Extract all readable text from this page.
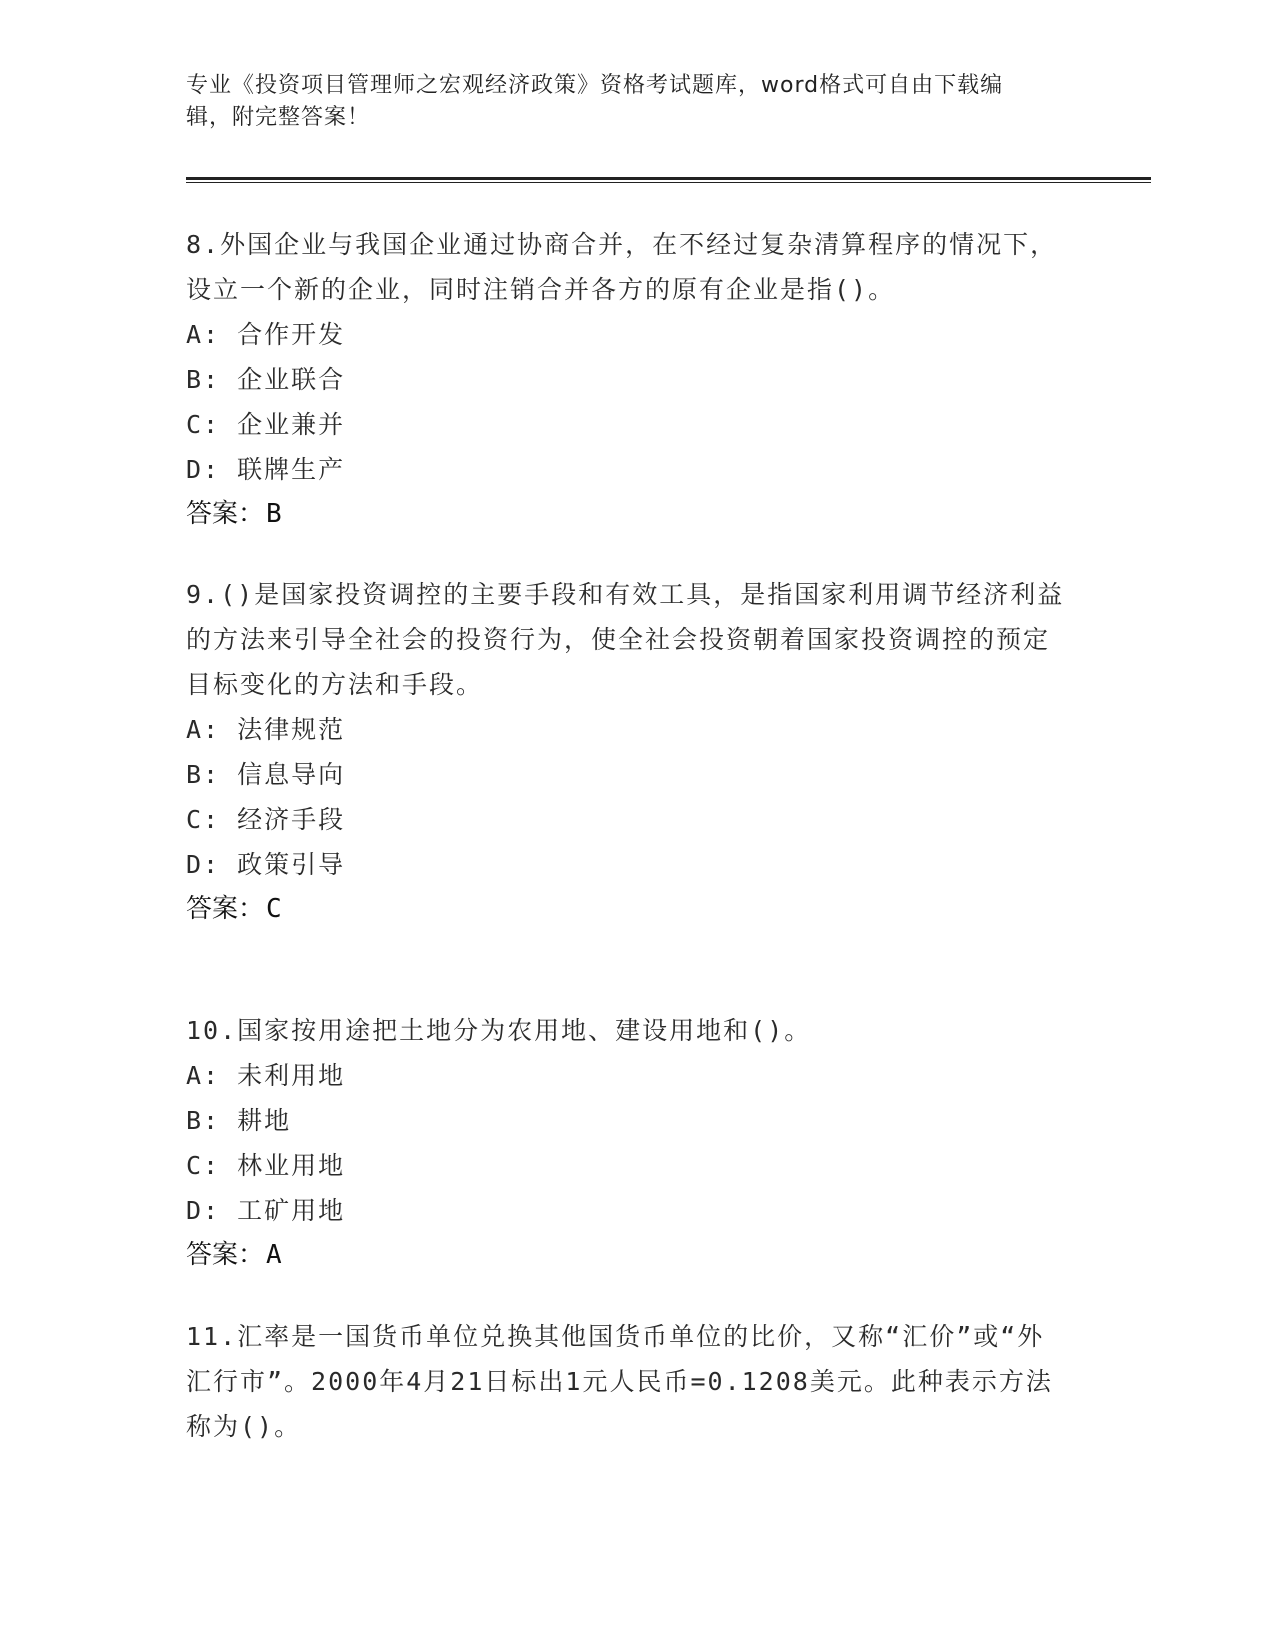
专业《投资项目管理师之宏观经济政策》资格考试题库，word格式可自由下载编
辑，附完整答案！

8.外国企业与我国企业通过协商合并，在不经过复杂清算程序的情况下，设立一个新的企业，同时注销合并各方的原有企业是指()。

A: 合作开发

B: 企业联合

C: 企业兼并

D: 联牌生产

答案：B

9.()是国家投资调控的主要手段和有效工具，是指国家利用调节经济利益的方法来引导全社会的投资行为，使全社会投资朝着国家投资调控的预定目标变化的方法和手段。

A: 法律规范

B: 信息导向

C: 经济手段

D: 政策引导

答案：C

10.国家按用途把土地分为农用地、建设用地和()。

A: 未利用地

B: 耕地

C: 林业用地

D: 工矿用地

答案：A

11.汇率是一国货币单位兑换其他国货币单位的比价，又称“汇价”或“外汇行市”。2000年4月21日标出1元人民币=0.1208美元。此种表示方法称为()。
